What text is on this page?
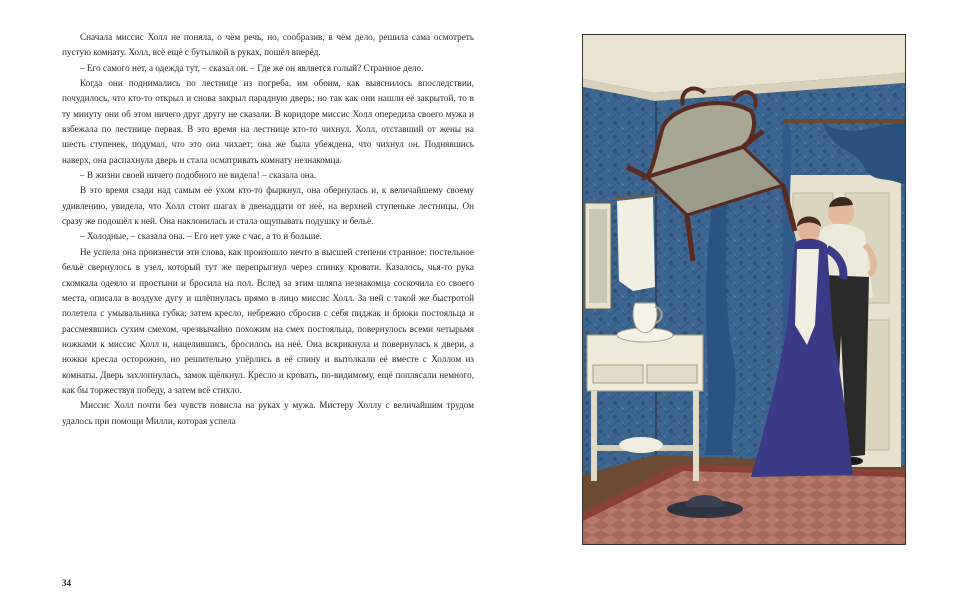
Сначала миссис Холл не поняла, о чём речь, но, сообразив, в чём дело, решила сама осмотреть пустую комнату. Холл, всё ещё с бутылкой в руках, пошёл вперёд.

– Его самого нет, а одежда тут, – сказал он. – Где же он является голый? Странное дело.

Когда они поднимались по лестнице из погреба, им обоим, как выяснилось впоследствии, почудилось, что кто-то открыл и снова закрыл парадную дверь; но так как они нашли её закрытой, то в ту минуту они об этом ничего друг другу не сказали. В коридоре миссис Холл опередила своего мужа и взбежала по лестнице первая. В это время на лестнице кто-то чихнул. Холл, отставший от жены на шесть ступенек, подумал, что это она чихает; она же была убеждена, что чихнул он. Поднявшись наверх, она распахнула дверь и стала осматривать комнату незнакомца.

– В жизни своей ничего подобного не видела! – сказала она.

В это время сзади над самым её ухом кто-то фыркнул, она обернулась и, к величайшему своему удивлению, увидела, что Холл стоит шагах в двенадцати от неё, на верхней ступеньке лестницы. Он сразу же подошёл к ней. Она наклонилась и стала ощупывать подушку и бельё.

– Холодные, – сказала она. – Его нет уже с час, а то и больше.

Не успела она произнести эти слова, как произошло нечто в высшей степени странное: постельное бельё свернулось в узел, который тут же перепрыгнул через спинку кровати. Казалось, чья-то рука скомкала одеяло и простыни и бросила на пол. Вслед за этим шляпа незнакомца соскочила со своего места, описала в воздухе дугу и шлёпнулась прямо в лицо миссис Холл. За ней с такой же быстротой полетела с умывальника губка; затем кресло, небрежно сбросив с себя пиджак и брюки постояльца и рассмеявшись сухим смехом, чрезвычайно похожим на смех постояльца, повернулось всеми четырьмя ножками к миссис Холл и, нацелившись, бросилось на неё. Она вскрикнула и повернулась к двери, а ножки кресла осторожно, но решительно упёрлись в её спину и вытолкали её вместе с Холлом из комнаты. Дверь захлопнулась, замок щёлкнул. Кресло и кровать, по-видимому, ещё поплясали немного, как бы торжествуя победу, а затем всё стихло.

Миссис Холл почти без чувств повисла на руках у мужа. Мистеру Холлу с величайшим трудом удалось при помощи Милли, которая успела

34
